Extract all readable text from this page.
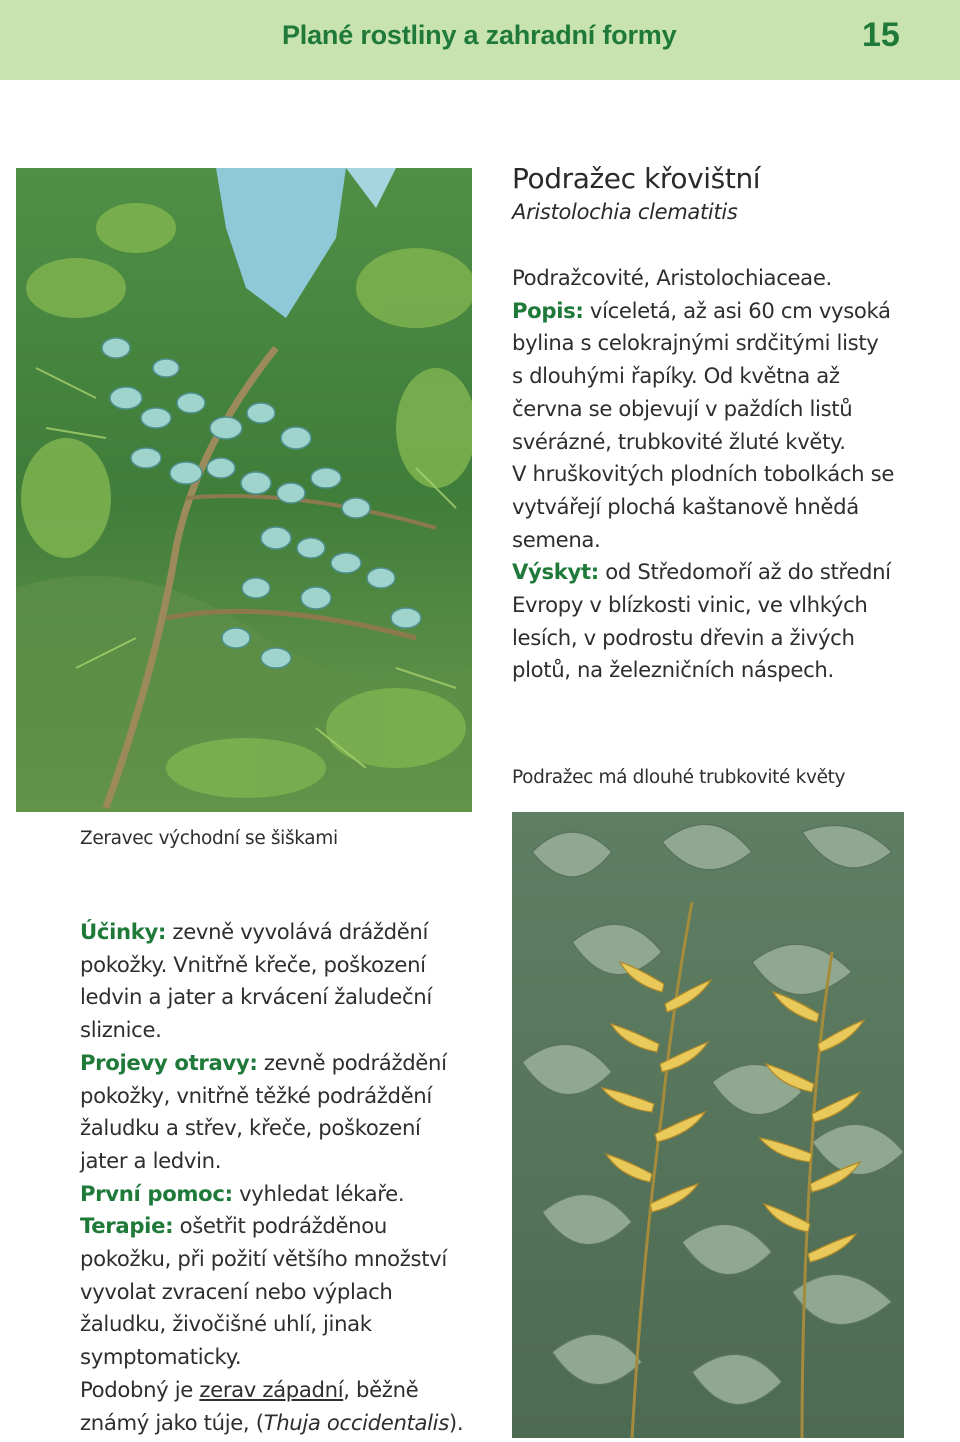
Plané rostliny a zahradní formy	15
Podražec křovištní
Aristolochia clematitis

Podražcovité, Aristolochiaceae.

Popis: víceletá, až asi 60 cm vysoká

bylina s celokrajnými srdčitými listy

s dlouhými řapíky. Od května až

června se objevují v paždích listů

svérázné, trubkovité žluté květy.

V hruškovitých plodních tobolkách se

vytvářejí plochá kaštanově hnědá

semena.

Výskyt: od Středomoří až do střední

Evropy v blízkosti vinic, ve vlhkých

lesích, v podrostu dřevin a živých

plotů, na železničních náspech.

Podražec má dlouhé trubkovité květy
Zeravec východní se šiškami

Účinky: zevně vyvolává dráždění

pokožky. Vnitřně křeče, poškození

ledvin a jater a krvácení žaludeční

sliznice.

Projevy otravy: zevně podráždění

pokožky, vnitřně těžké podráždění

žaludku a střev, křeče, poškození

jater a ledvin.

První pomoc: vyhledat lékaře.

Terapie: ošetřit podrážděnou

pokožku, při požití většího množství

vyvolat zvracení nebo výplach

žaludku, živočišné uhlí, jinak

symptomaticky.

Podobný je zerav západní, běžně

známý jako túje, (Thuja occidentalis).
